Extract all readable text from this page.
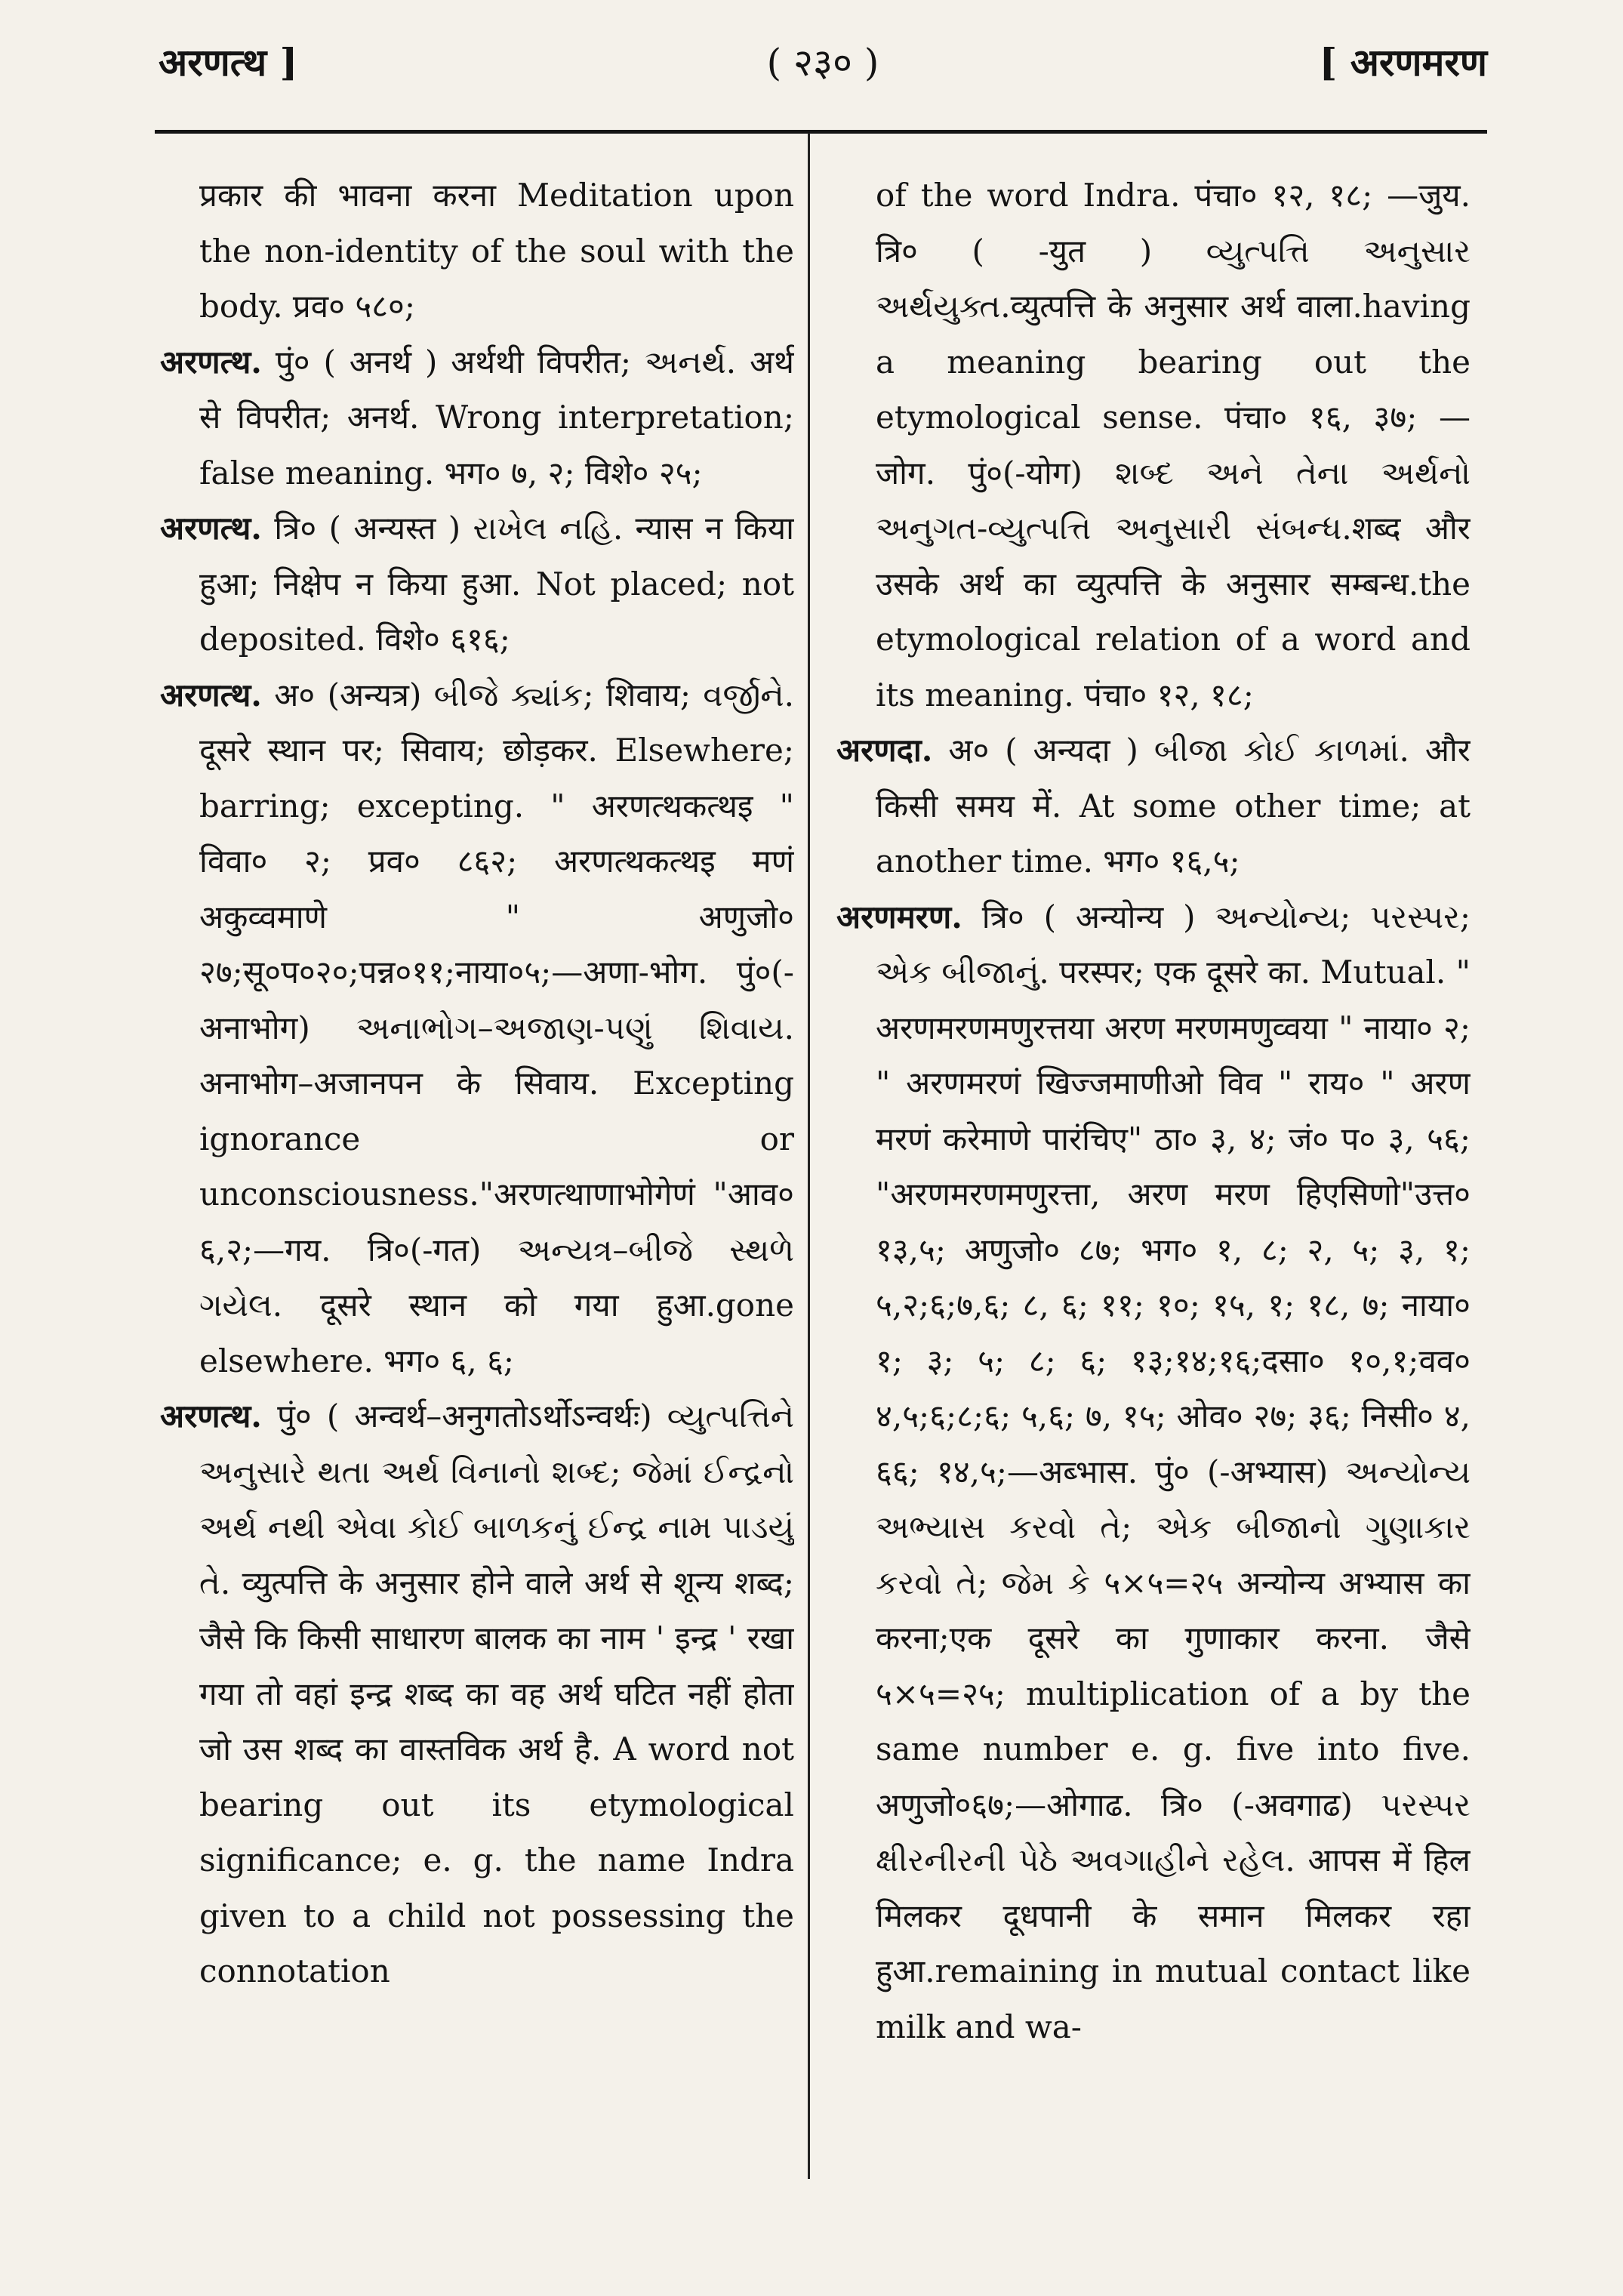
( २३० )
अरणत्थ ]	[ अरणमरण

प्रकार की भावना करना Meditation upon the non-identity of the soul with the body. प्रव० ५८०;

अरणत्थ. पुं० ( अनर्थ ) अर्थथी विपरीत; અનર્થ. अर्थ से विपरीत; अनर्थ. Wrong interpretation; false meaning. भग० ७, २; विशे० २५;

अरणत्थ. त्रि० ( अन्यस्त ) રાખેલ નહિ. न्यास न किया हुआ; निक्षेप न किया हुआ. Not placed; not deposited. विशे० ६१६;

अरणत्थ. अ० (अन्यत्र) બીજે ક્યાંક; शिवाय; વર્જીને. दूसरे स्थान पर; सिवाय; छोड़कर. Elsewhere; barring; excepting. " अरणत्थकत्थइ " विवा० २; प्रव० ८६२; अरणत्थकत्थइ मणं अकुव्वमाणे " अणुजो० २७;सू०प०२०;पन्न०११;नाया०५;—अणा-भोग. पुं०(-अनाभोग) અનાભોગ–અજાણ-પણું શિવાય. अनाभोग–अजानपन के सिवाय. Excepting ignorance or unconsciousness."अरणत्थाणाभोगेणं "आव० ६,२;—गय. त्रि०(-गत) અન્યત્ર–બીજે સ્થળે ગયેલ. दूसरे स्थान को गया हुआ.gone elsewhere. भग० ६, ६;

अरणत्थ. पुं० ( अन्वर्थ–अनुगतोऽर्थोऽन्वर्थः) વ્યુત્પત્તિને અનુસારે થતા અર્થ વિનાનો શબ્દ; જેમાં ઈન્દ્રનો અર્થ નથી એવા કોઈ બાળકનું ઈન્દ્ર નામ પાડયું તે. व्युत्पत्ति के अनुसार होने वाले अर्थ से शून्य शब्द; जैसे कि किसी साधारण बालक का नाम ' इन्द्र ' रखा गया तो वहां इन्द्र शब्द का वह अर्थ घटित नहीं होता जो उस शब्द का वास्तविक अर्थ है. A word not bearing out its etymological significance; e. g. the name Indra given to a child not possessing the connotation

of the word Indra. पंचा० १२, १८; —जुय. त्रि० ( -युत ) વ્યુત્પત્તિ અનુસાર અર્થયુક્ત.व्युत्पत्ति के अनुसार अर्थ वाला.having a meaning bearing out the etymological sense. पंचा० १६, ३७; —जोग. पुं०(-योग) શબ્દ અને તેના અર્થનો અનુગત-વ્યુત્પત્તિ અનુસારી સંબન્ધ.शब्द और उसके अर्थ का व्युत्पत्ति के अनुसार सम्बन्ध.the etymological relation of a word and its meaning. पंचा० १२, १८;

अरणदा. अ० ( अन्यदा ) બીજા કોઈ કાળમાં. और किसी समय में. At some other time; at another time. भग० १६,५;

अरणमरण. त्रि० ( अन्योन्य ) અન્યોન્ય; પરસ્પર; એક બીજાનું. परस्पर; एक दूसरे का. Mutual. " अरणमरणमणुरत्तया अरण मरणमणुव्वया " नाया० २; " अरणमरणं खिज्जमाणीओ विव " राय० " अरण मरणं करेमाणे पारंचिए" ठा० ३, ४; जं० प० ३, ५६; "अरणमरणमणुरत्ता, अरण मरण हिएसिणो"उत्त० १३,५; अणुजो० ८७; भग० १, ८; २, ५; ३, १; ५,२;६;७,६; ८, ६; ११; १०; १५, १; १८, ७; नाया० १; ३; ५; ८; ६; १३;१४;१६;दसा० १०,१;वव० ४,५;६;८;६; ५,६; ७, १५; ओव० २७; ३६; निसी० ४, ६६; १४,५;—अब्भास. पुं० (-अभ्यास) અન્યોન્ય અભ્યાસ કરવો તે; એક બીજાનો ગુણાકાર કરવો તે; જેમ કે ५×५=२५ अन्योन्य अभ्यास का करना;एक दूसरे का गुणाकार करना. जैसे ५×५=२५; multiplication of a by the same number e. g. five into five. अणुजो०६७;—ओगाढ. त्रि० (-अवगाढ) પરસ્પર ક્ષીરનીરની પેઠે અવગાહીને રહેલ. आपस में हिल मिलकर दूधपानी के समान मिलकर रहा हुआ.remaining in mutual contact like milk and wa-
